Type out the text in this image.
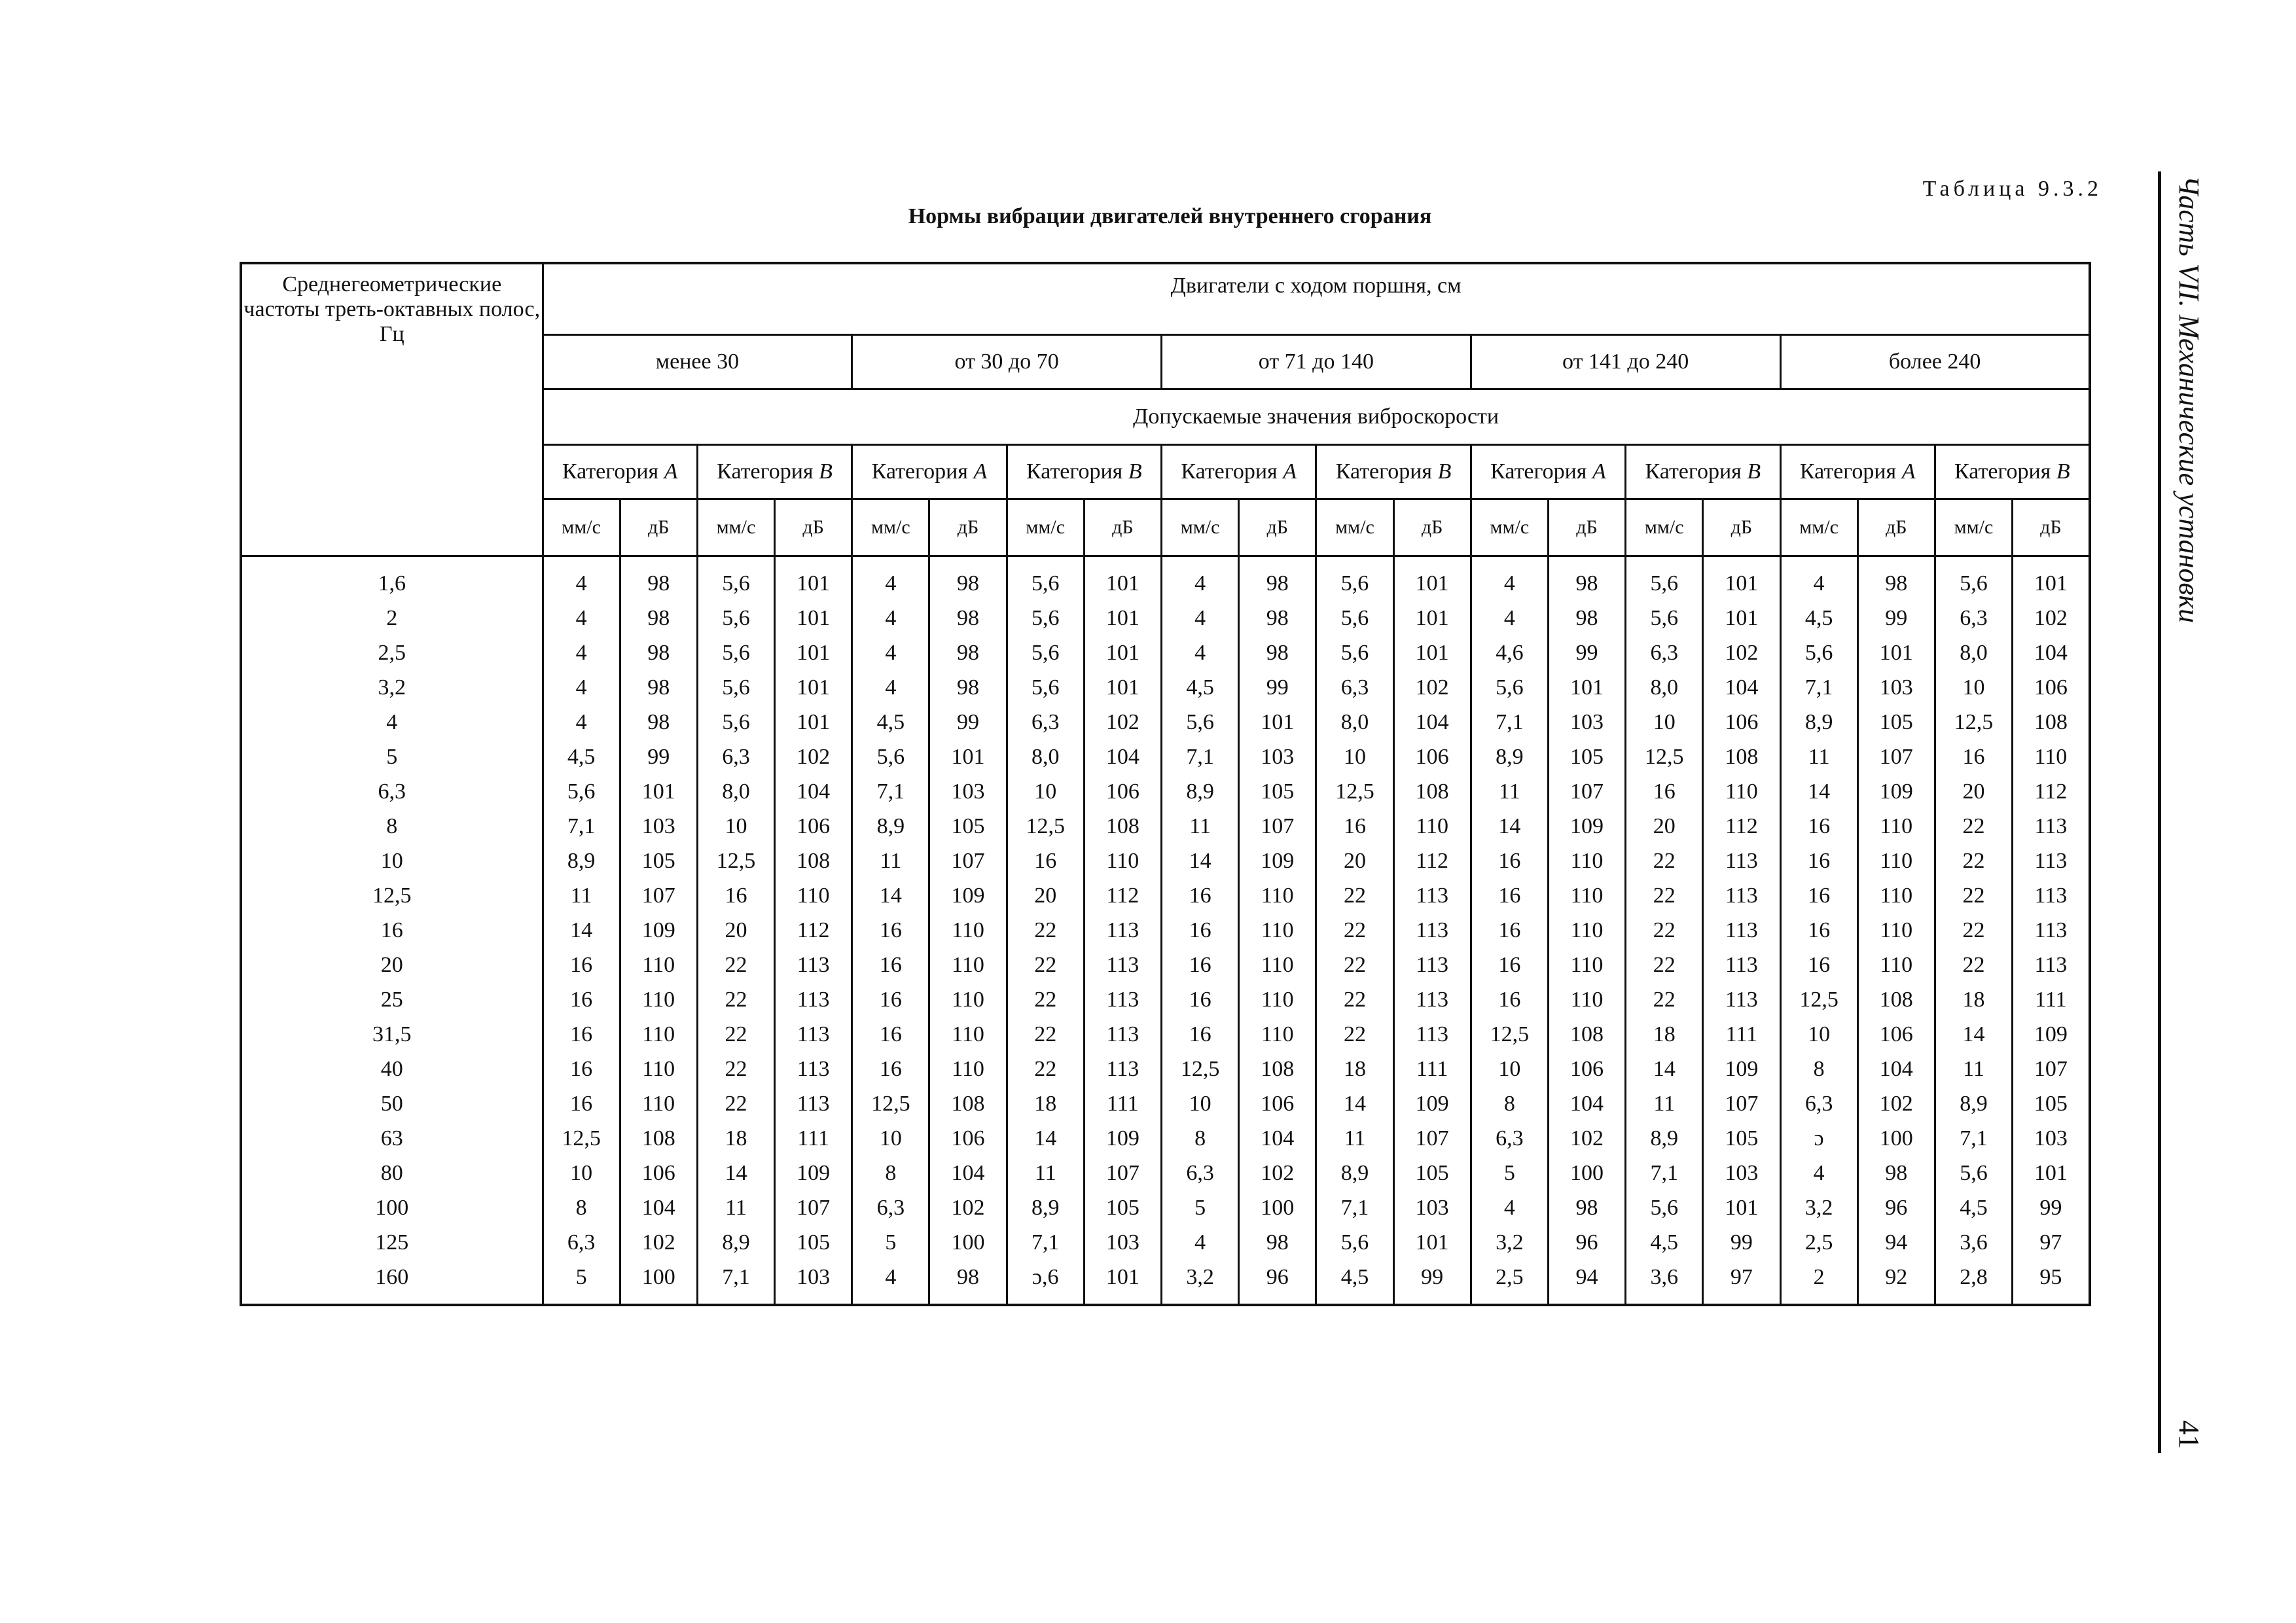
Таблица 9.3.2
Нормы вибрации двигателей внутреннего сгорания
Среднегеометрические частоты треть-октавных полос, Гц	Двигатели с ходом поршня, см																			
	менее 30				от 30 до 70				от 71 до 140				от 141 до 240				более 240			
	Допускаемые значения виброскорости																			
	Категория A		Категория B		Категория A		Категория B		Категория A		Категория B		Категория A		Категория B		Категория A		Категория B	
	мм/с	дБ	мм/с	дБ	мм/с	дБ	мм/с	дБ	мм/с	дБ	мм/с	дБ	мм/с	дБ	мм/с	дБ	мм/с	дБ	мм/с	дБ
1,6	4	98	5,6	101	4	98	5,6	101	4	98	5,6	101	4	98	5,6	101	4	98	5,6	101
2	4	98	5,6	101	4	98	5,6	101	4	98	5,6	101	4	98	5,6	101	4,5	99	6,3	102
2,5	4	98	5,6	101	4	98	5,6	101	4	98	5,6	101	4,6	99	6,3	102	5,6	101	8,0	104
3,2	4	98	5,6	101	4	98	5,6	101	4,5	99	6,3	102	5,6	101	8,0	104	7,1	103	10	106
4	4	98	5,6	101	4,5	99	6,3	102	5,6	101	8,0	104	7,1	103	10	106	8,9	105	12,5	108
5	4,5	99	6,3	102	5,6	101	8,0	104	7,1	103	10	106	8,9	105	12,5	108	11	107	16	110
6,3	5,6	101	8,0	104	7,1	103	10	106	8,9	105	12,5	108	11	107	16	110	14	109	20	112
8	7,1	103	10	106	8,9	105	12,5	108	11	107	16	110	14	109	20	112	16	110	22	113
10	8,9	105	12,5	108	11	107	16	110	14	109	20	112	16	110	22	113	16	110	22	113
12,5	11	107	16	110	14	109	20	112	16	110	22	113	16	110	22	113	16	110	22	113
16	14	109	20	112	16	110	22	113	16	110	22	113	16	110	22	113	16	110	22	113
20	16	110	22	113	16	110	22	113	16	110	22	113	16	110	22	113	16	110	22	113
25	16	110	22	113	16	110	22	113	16	110	22	113	16	110	22	113	12,5	108	18	111
31,5	16	110	22	113	16	110	22	113	16	110	22	113	12,5	108	18	111	10	106	14	109
40	16	110	22	113	16	110	22	113	12,5	108	18	111	10	106	14	109	8	104	11	107
50	16	110	22	113	12,5	108	18	111	10	106	14	109	8	104	11	107	6,3	102	8,9	105
63	12,5	108	18	111	10	106	14	109	8	104	11	107	6,3	102	8,9	105	ɔ	100	7,1	103
80	10	106	14	109	8	104	11	107	6,3	102	8,9	105	5	100	7,1	103	4	98	5,6	101
100	8	104	11	107	6,3	102	8,9	105	5	100	7,1	103	4	98	5,6	101	3,2	96	4,5	99
125	6,3	102	8,9	105	5	100	7,1	103	4	98	5,6	101	3,2	96	4,5	99	2,5	94	3,6	97
160	5	100	7,1	103	4	98	ɔ,6	101	3,2	96	4,5	99	2,5	94	3,6	97	2	92	2,8	95
Часть VII. Механические установки
41
